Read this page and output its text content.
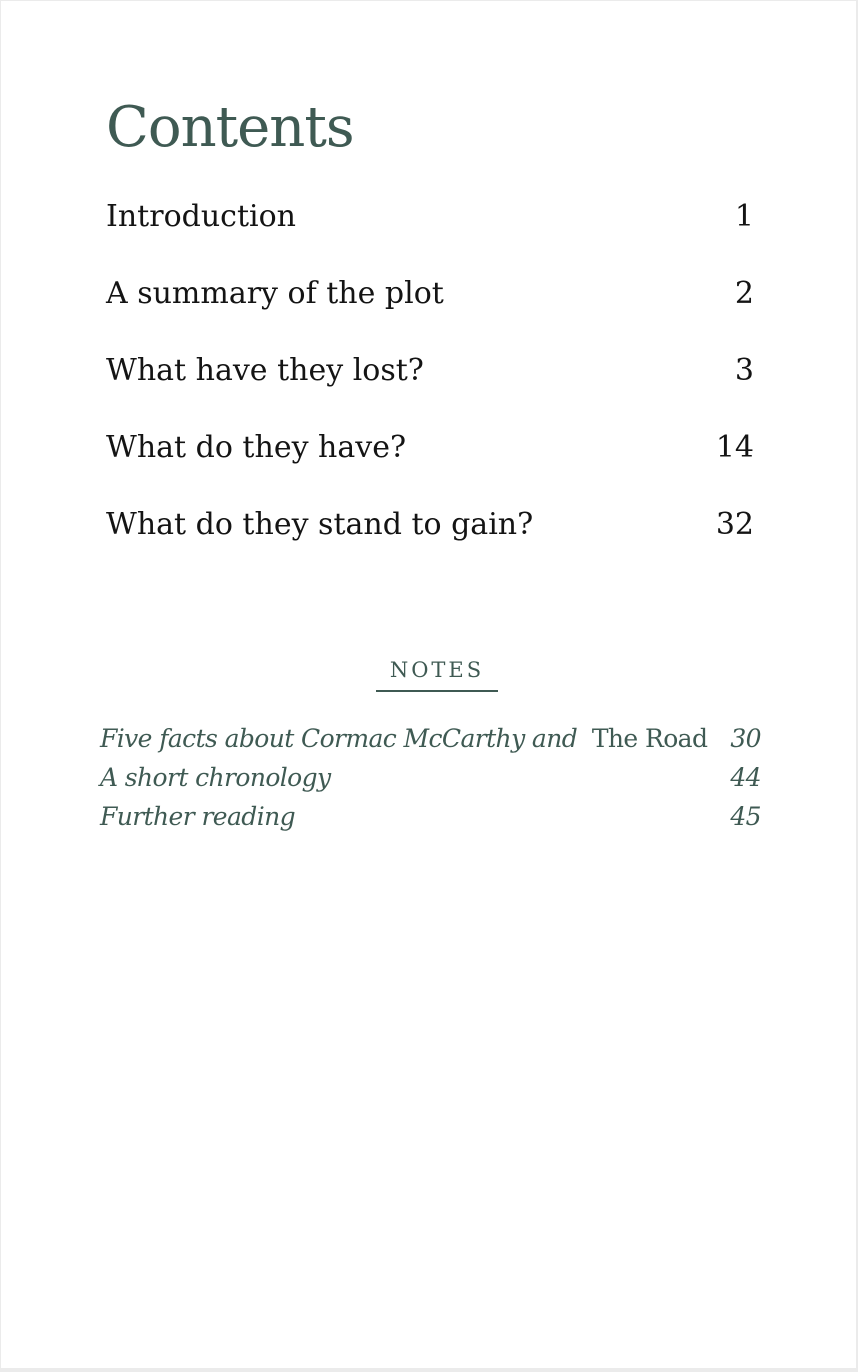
Contents
Introduction	1
A summary of the plot	2
What have they lost?	3
What do they have?	14
What do they stand to gain?	32
NOTES
Five facts about Cormac McCarthy and The Road 30
A short chronology	44
Further reading	45
